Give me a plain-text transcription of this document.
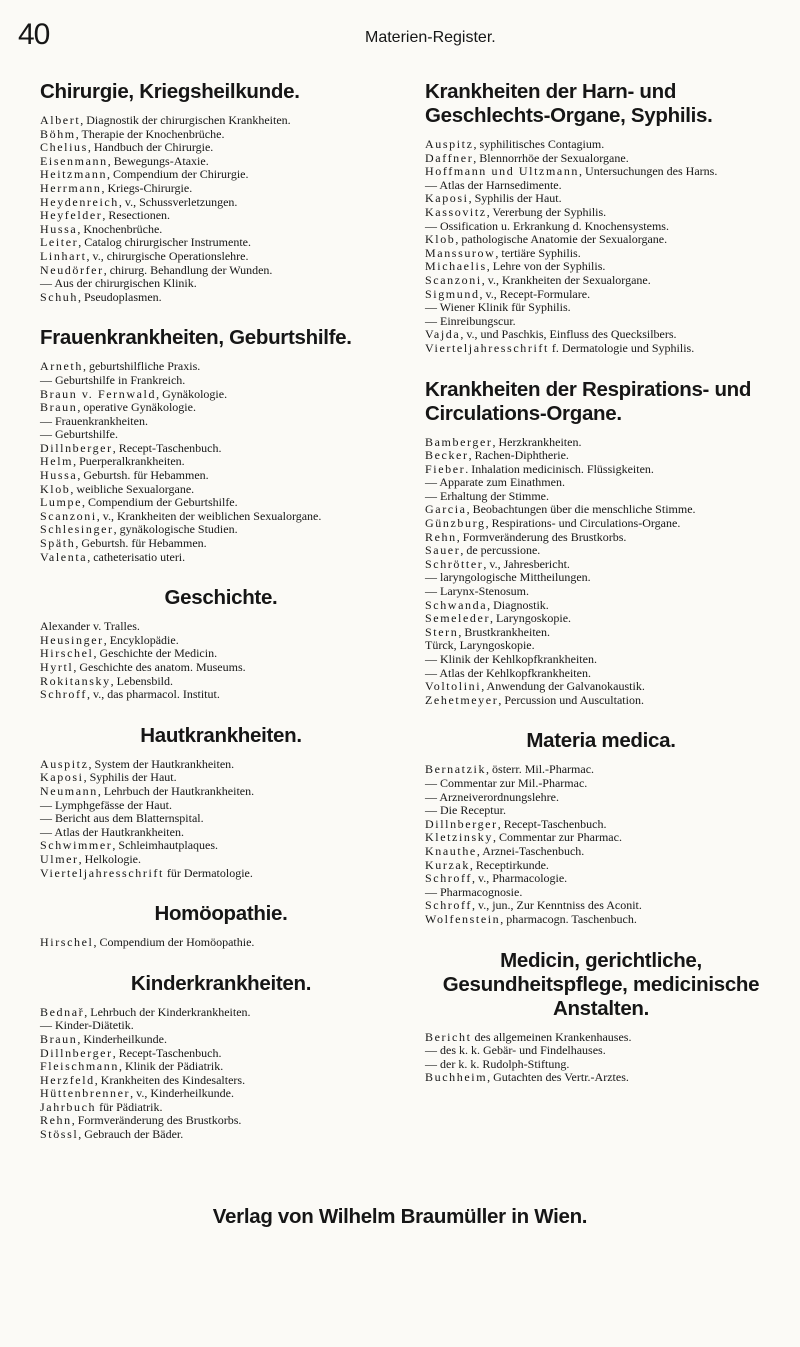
40	Materien-Register.
Chirurgie, Kriegsheilkunde.
Albert, Diagnostik der chirurgischen Krankheiten.
Böhm, Therapie der Knochenbrüche.
Chelius, Handbuch der Chirurgie.
Eisenmann, Bewegungs-Ataxie.
Heitzmann, Compendium der Chirurgie.
Herrmann, Kriegs-Chirurgie.
Heydenreich, v., Schussverletzungen.
Heyfelder, Resectionen.
Hussa, Knochenbrüche.
Leiter, Catalog chirurgischer Instrumente.
Linhart, v., chirurgische Operationslehre.
Neudörfer, chirurg. Behandlung der Wunden.
— Aus der chirurgischen Klinik.
Schuh, Pseudoplasmen.
Frauenkrankheiten, Geburtshilfe.
Arneth, geburtshilfliche Praxis.
— Geburtshilfe in Frankreich.
Braun v. Fernwald, Gynäkologie.
Braun, operative Gynäkologie.
— Frauenkrankheiten.
— Geburtshilfe.
Dillnberger, Recept-Taschenbuch.
Helm, Puerperalkrankheiten.
Hussa, Geburtsh. für Hebammen.
Klob, weibliche Sexualorgane.
Lumpe, Compendium der Geburtshilfe.
Scanzoni, v., Krankheiten der weiblichen Sexualorgane.
Schlesinger, gynäkologische Studien.
Späth, Geburtsh. für Hebammen.
Valenta, catheterisatio uteri.
Geschichte.
Alexander v. Tralles.
Heusinger, Encyklopädie.
Hirschel, Geschichte der Medicin.
Hyrtl, Geschichte des anatom. Museums.
Rokitansky, Lebensbild.
Schroff, v., das pharmacol. Institut.
Hautkrankheiten.
Auspitz, System der Hautkrankheiten.
Kaposi, Syphilis der Haut.
Neumann, Lehrbuch der Hautkrankheiten.
— Lymphgefässe der Haut.
— Bericht aus dem Blatternspital.
— Atlas der Hautkrankheiten.
Schwimmer, Schleimhautplaques.
Ulmer, Helkologie.
Vierteljahresschrift für Dermatologie.
Homöopathie.
Hirschel, Compendium der Homöopathie.
Kinderkrankheiten.
Bednař, Lehrbuch der Kinderkrankheiten.
— Kinder-Diätetik.
Braun, Kinderheilkunde.
Dillnberger, Recept-Taschenbuch.
Fleischmann, Klinik der Pädiatrik.
Herzfeld, Krankheiten des Kindesalters.
Hüttenbrenner, v., Kinderheilkunde.
Jahrbuch für Pädiatrik.
Rehn, Formveränderung des Brustkorbs.
Stössl, Gebrauch der Bäder.
Krankheiten der Harn- und Geschlechts-Organe, Syphilis.
Auspitz, syphilitisches Contagium.
Daffner, Blennorrhöe der Sexualorgane.
Hoffmann und Ultzmann, Untersuchungen des Harns.
— Atlas der Harnsedimente.
Kaposi, Syphilis der Haut.
Kassovitz, Vererbung der Syphilis.
— Ossification u. Erkrankung d. Knochensystems.
Klob, pathologische Anatomie der Sexualorgane.
Manssurow, tertiäre Syphilis.
Michaelis, Lehre von der Syphilis.
Scanzoni, v., Krankheiten der Sexualorgane.
Sigmund, v., Recept-Formulare.
— Wiener Klinik für Syphilis.
— Einreibungscur.
Vajda, v., und Paschkis, Einfluss des Quecksilbers.
Vierteljahresschrift f. Dermatologie und Syphilis.
Krankheiten der Respirations- und Circulations-Organe.
Bamberger, Herzkrankheiten.
Becker, Rachen-Diphtherie.
Fieber. Inhalation medicinisch. Flüssigkeiten.
— Apparate zum Einathmen.
— Erhaltung der Stimme.
Garcia, Beobachtungen über die menschliche Stimme.
Günzburg, Respirations- und Circulations-Organe.
Rehn, Formveränderung des Brustkorbs.
Sauer, de percussione.
Schrötter, v., Jahresbericht.
— laryngologische Mittheilungen.
— Larynx-Stenosum.
Schwanda, Diagnostik.
Semeleder, Laryngoskopie.
Stern, Brustkrankheiten.
Türck, Laryngoskopie.
— Klinik der Kehlkopfkrankheiten.
— Atlas der Kehlkopfkrankheiten.
Voltolini, Anwendung der Galvanokaustik.
Zehetmeyer, Percussion und Auscultation.
Materia medica.
Bernatzik, österr. Mil.-Pharmac.
— Commentar zur Mil.-Pharmac.
— Arzneiverordnungslehre.
— Die Receptur.
Dillnberger, Recept-Taschenbuch.
Kletzinsky, Commentar zur Pharmac.
Knauthe, Arznei-Taschenbuch.
Kurzak, Receptirkunde.
Schroff, v., Pharmacologie.
— Pharmacognosie.
Schroff, v., jun., Zur Kenntniss des Aconit.
Wolfenstein, pharmacogn. Taschenbuch.
Medicin, gerichtliche, Gesundheitspflege, medicinische Anstalten.
Bericht des allgemeinen Krankenhauses.
— des k. k. Gebär- und Findelhauses.
— der k. k. Rudolph-Stiftung.
Buchheim, Gutachten des Vertr.-Arztes.
Verlag von Wilhelm Braumüller in Wien.
